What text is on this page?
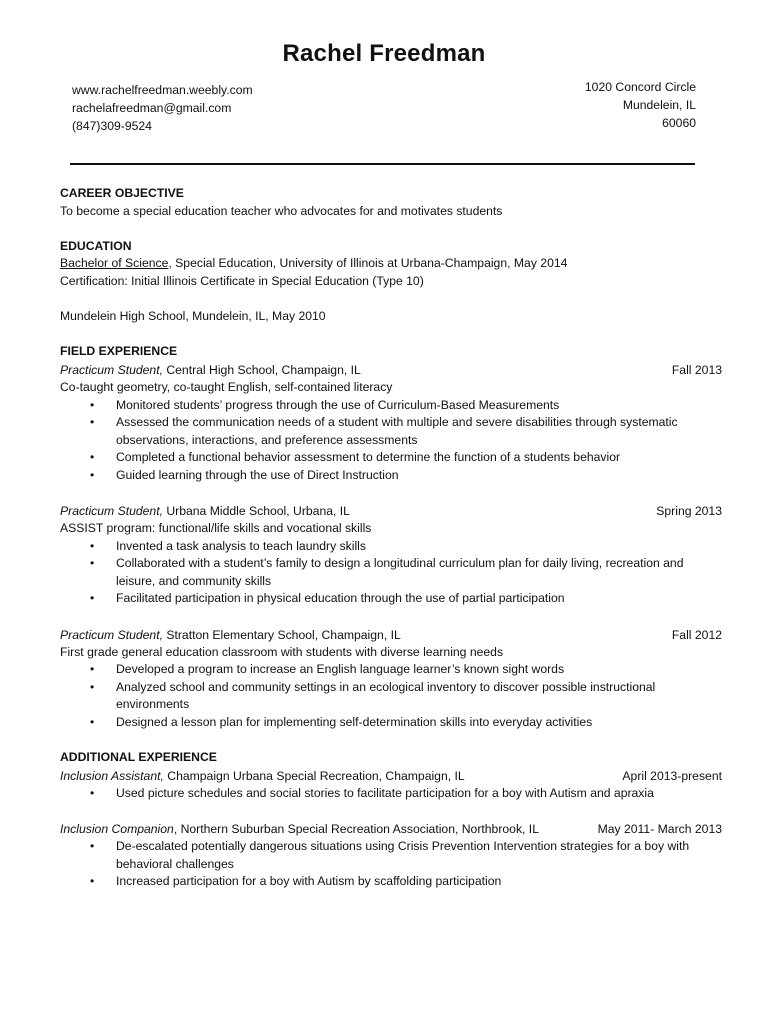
Rachel Freedman
www.rachelfreedman.weebly.com
rachelafreedman@gmail.com
(847)309-9524
1020 Concord Circle
Mundelein, IL
60060
CAREER OBJECTIVE
To become a special education teacher who advocates for and motivates students
EDUCATION
Bachelor of Science, Special Education, University of Illinois at Urbana-Champaign, May 2014
Certification: Initial Illinois Certificate in Special Education (Type 10)
Mundelein High School, Mundelein, IL, May 2010
FIELD EXPERIENCE
Practicum Student, Central High School, Champaign, IL	Fall 2013
Co-taught geometry, co-taught English, self-contained literacy
• Monitored students’ progress through the use of Curriculum-Based Measurements
• Assessed the communication needs of a student with multiple and severe disabilities through systematic observations, interactions, and preference assessments
• Completed a functional behavior assessment to determine the function of a students behavior
• Guided learning through the use of Direct Instruction
Practicum Student, Urbana Middle School, Urbana, IL	Spring 2013
ASSIST program: functional/life skills and vocational skills
• Invented a task analysis to teach laundry skills
• Collaborated with a student’s family to design a longitudinal curriculum plan for daily living, recreation and leisure, and community skills
• Facilitated participation in physical education through the use of partial participation
Practicum Student, Stratton Elementary School, Champaign, IL	Fall 2012
First grade general education classroom with students with diverse learning needs
• Developed a program to increase an English language learner’s known sight words
• Analyzed school and community settings in an ecological inventory to discover possible instructional environments
• Designed a lesson plan for implementing self-determination skills into everyday activities
ADDITIONAL EXPERIENCE
Inclusion Assistant, Champaign Urbana Special Recreation, Champaign, IL	April 2013-present
• Used picture schedules and social stories to facilitate participation for a boy with Autism and apraxia
Inclusion Companion, Northern Suburban Special Recreation Association, Northbrook, IL	May 2011- March 2013
• De-escalated potentially dangerous situations using Crisis Prevention Intervention strategies for a boy with behavioral challenges
• Increased participation for a boy with Autism by scaffolding participation
